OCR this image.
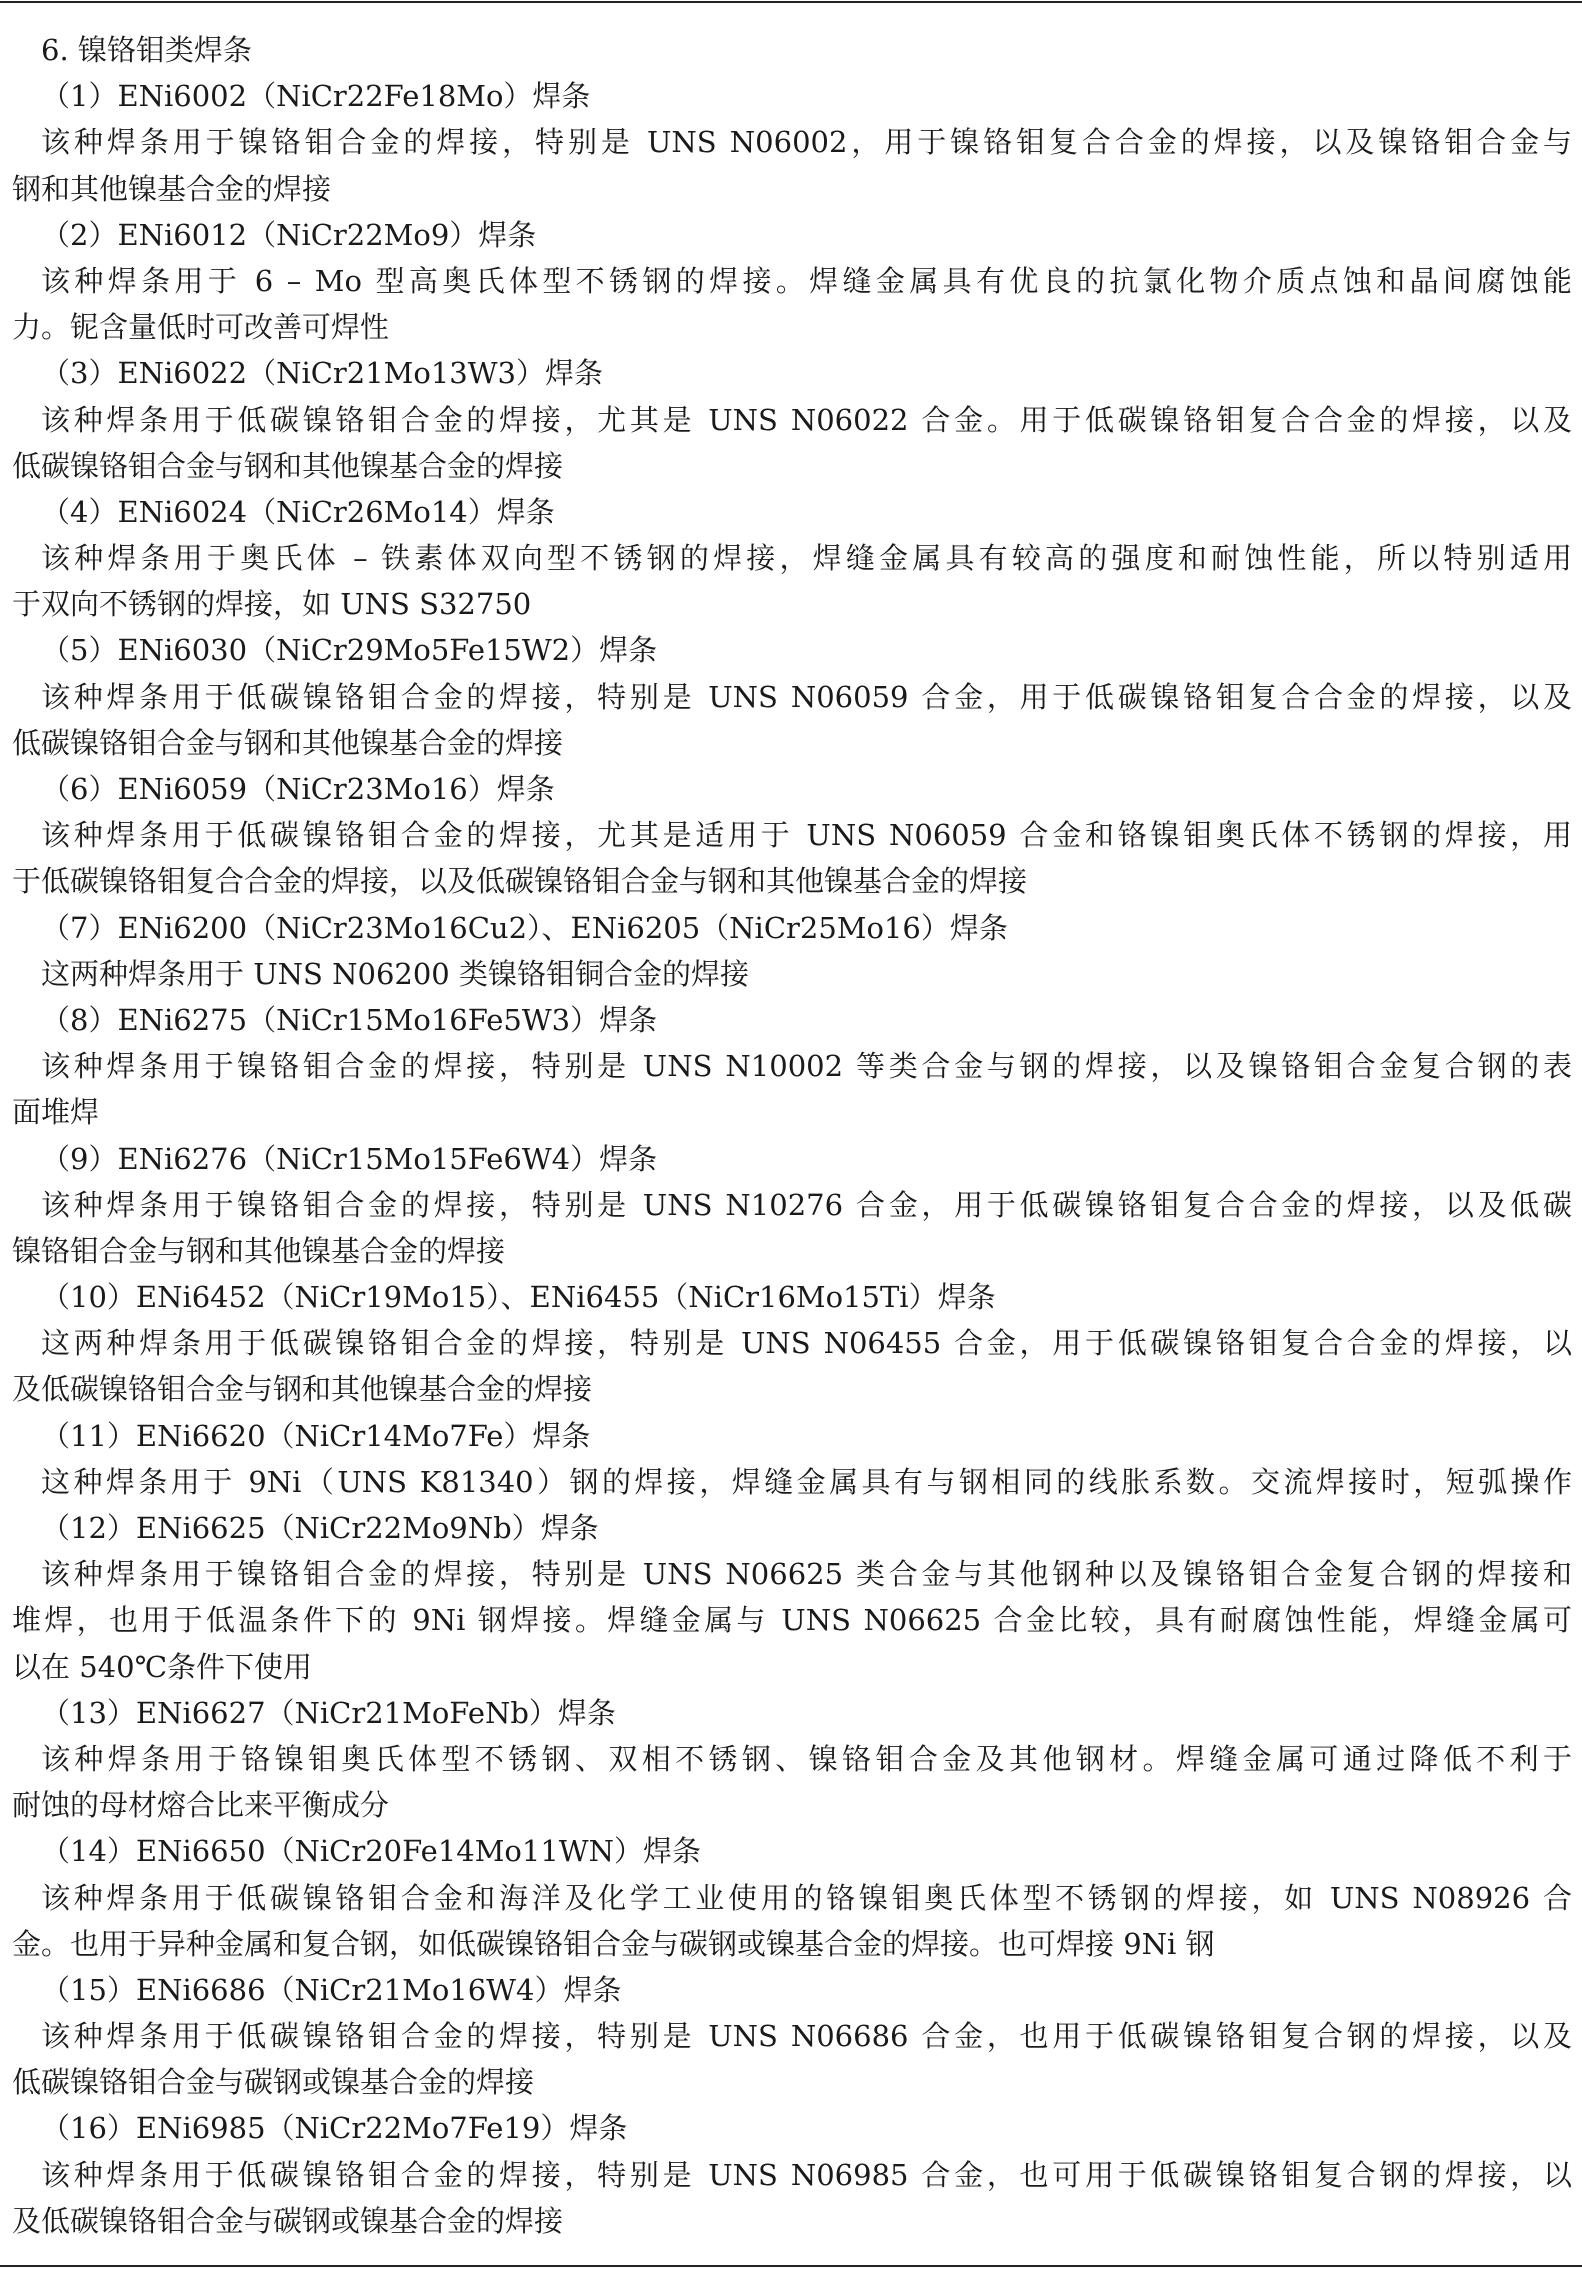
6. 镍铬钼类焊条
（1）ENi6002（NiCr22Fe18Mo）焊条
该种焊条用于镍铬钼合金的焊接，特别是 UNS N06002，用于镍铬钼复合合金的焊接，以及镍铬钼合金与
钢和其他镍基合金的焊接
（2）ENi6012（NiCr22Mo9）焊条
该种焊条用于 6 – Mo 型高奥氏体型不锈钢的焊接。焊缝金属具有优良的抗氯化物介质点蚀和晶间腐蚀能
力。铌含量低时可改善可焊性
（3）ENi6022（NiCr21Mo13W3）焊条
该种焊条用于低碳镍铬钼合金的焊接，尤其是 UNS N06022 合金。用于低碳镍铬钼复合合金的焊接，以及
低碳镍铬钼合金与钢和其他镍基合金的焊接
（4）ENi6024（NiCr26Mo14）焊条
该种焊条用于奥氏体 – 铁素体双向型不锈钢的焊接，焊缝金属具有较高的强度和耐蚀性能，所以特别适用
于双向不锈钢的焊接，如 UNS S32750
（5）ENi6030（NiCr29Mo5Fe15W2）焊条
该种焊条用于低碳镍铬钼合金的焊接，特别是 UNS N06059 合金，用于低碳镍铬钼复合合金的焊接，以及
低碳镍铬钼合金与钢和其他镍基合金的焊接
（6）ENi6059（NiCr23Mo16）焊条
该种焊条用于低碳镍铬钼合金的焊接，尤其是适用于 UNS N06059 合金和铬镍钼奥氏体不锈钢的焊接，用
于低碳镍铬钼复合合金的焊接，以及低碳镍铬钼合金与钢和其他镍基合金的焊接
（7）ENi6200（NiCr23Mo16Cu2）、ENi6205（NiCr25Mo16）焊条
这两种焊条用于 UNS N06200 类镍铬钼铜合金的焊接
（8）ENi6275（NiCr15Mo16Fe5W3）焊条
该种焊条用于镍铬钼合金的焊接，特别是 UNS N10002 等类合金与钢的焊接，以及镍铬钼合金复合钢的表
面堆焊
（9）ENi6276（NiCr15Mo15Fe6W4）焊条
该种焊条用于镍铬钼合金的焊接，特别是 UNS N10276 合金，用于低碳镍铬钼复合合金的焊接，以及低碳
镍铬钼合金与钢和其他镍基合金的焊接
（10）ENi6452（NiCr19Mo15）、ENi6455（NiCr16Mo15Ti）焊条
这两种焊条用于低碳镍铬钼合金的焊接，特别是 UNS N06455 合金，用于低碳镍铬钼复合合金的焊接，以
及低碳镍铬钼合金与钢和其他镍基合金的焊接
（11）ENi6620（NiCr14Mo7Fe）焊条
这种焊条用于 9Ni（UNS K81340）钢的焊接，焊缝金属具有与钢相同的线胀系数。交流焊接时，短弧操作
（12）ENi6625（NiCr22Mo9Nb）焊条
该种焊条用于镍铬钼合金的焊接，特别是 UNS N06625 类合金与其他钢种以及镍铬钼合金复合钢的焊接和
堆焊，也用于低温条件下的 9Ni 钢焊接。焊缝金属与 UNS N06625 合金比较，具有耐腐蚀性能，焊缝金属可
以在 540℃条件下使用
（13）ENi6627（NiCr21MoFeNb）焊条
该种焊条用于铬镍钼奥氏体型不锈钢、双相不锈钢、镍铬钼合金及其他钢材。焊缝金属可通过降低不利于
耐蚀的母材熔合比来平衡成分
（14）ENi6650（NiCr20Fe14Mo11WN）焊条
该种焊条用于低碳镍铬钼合金和海洋及化学工业使用的铬镍钼奥氏体型不锈钢的焊接，如 UNS N08926 合
金。也用于异种金属和复合钢，如低碳镍铬钼合金与碳钢或镍基合金的焊接。也可焊接 9Ni 钢
（15）ENi6686（NiCr21Mo16W4）焊条
该种焊条用于低碳镍铬钼合金的焊接，特别是 UNS N06686 合金，也用于低碳镍铬钼复合钢的焊接，以及
低碳镍铬钼合金与碳钢或镍基合金的焊接
（16）ENi6985（NiCr22Mo7Fe19）焊条
该种焊条用于低碳镍铬钼合金的焊接，特别是 UNS N06985 合金，也可用于低碳镍铬钼复合钢的焊接，以
及低碳镍铬钼合金与碳钢或镍基合金的焊接
